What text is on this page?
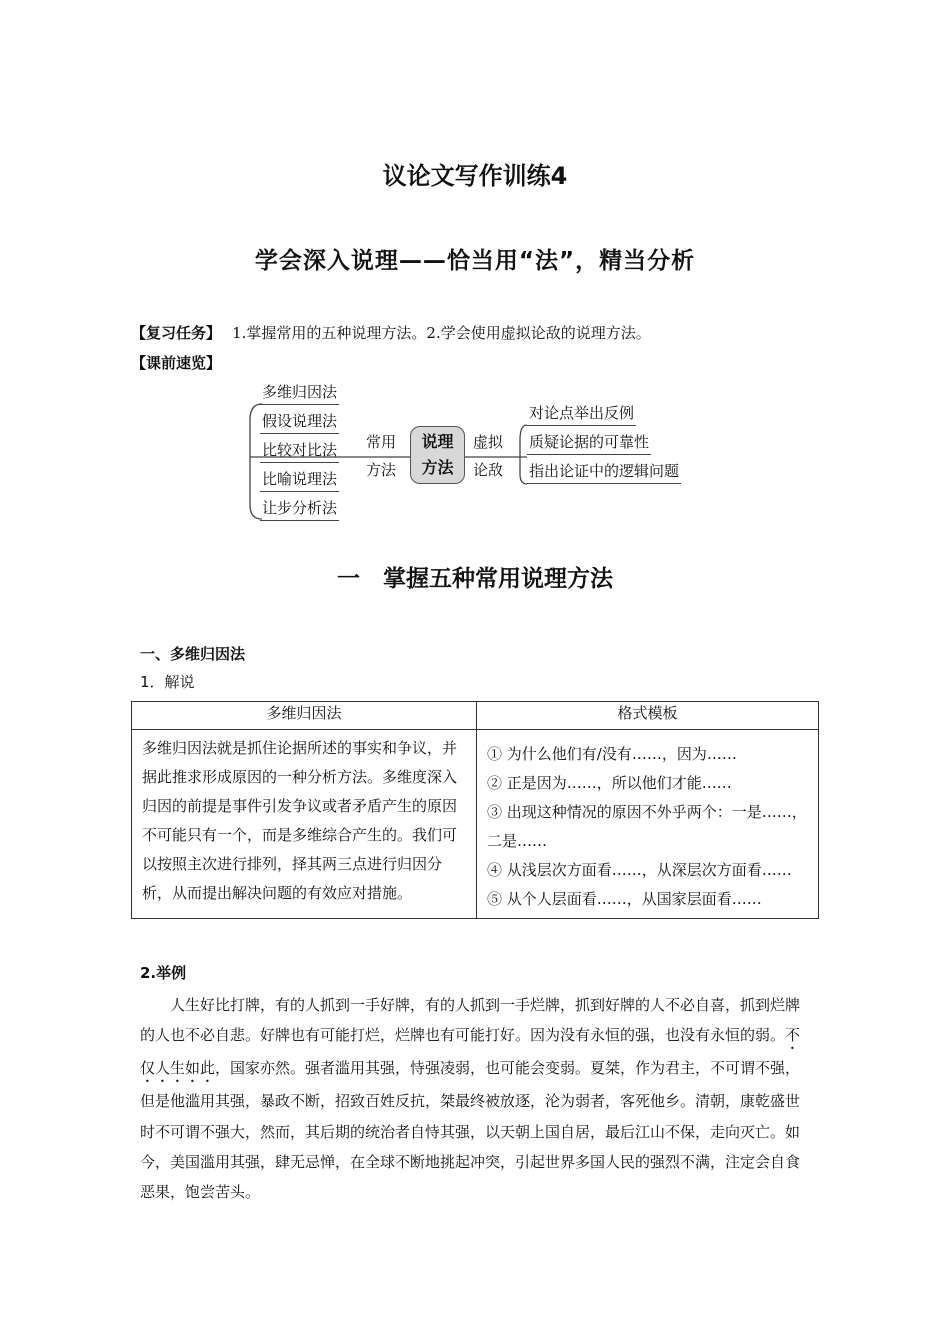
议论文写作训练4
学会深入说理——恰当用“法”，精当分析
【复习任务】 1.掌握常用的五种说理方法。2.学会使用虚拟论敌的说理方法。
【课前速览】
多维归因法
假设说理法
比较对比法
比喻说理法
让步分析法
常用
方法
说理
方法
虚拟
论敌
对论点举出反例
质疑论据的可靠性
指出论证中的逻辑问题
一　掌握五种常用说理方法
一、多维归因法
1．解说
多维归因法	格式模板
多维归因法就是抓住论据所述的事实和争议，并据此推求形成原因的一种分析方法。多维度深入归因的前提是事件引发争议或者矛盾产生的原因不可能只有一个，而是多维综合产生的。我们可以按照主次进行排列，择其两三点进行归因分析，从而提出解决问题的有效应对措施。	① 为什么他们有/没有……，因为……
② 正是因为……，所以他们才能……
③ 出现这种情况的原因不外乎两个：一是……，二是……
④ 从浅层次方面看……，从深层次方面看……
⑤ 从个人层面看……，从国家层面看……
2.举例
人生好比打牌，有的人抓到一手好牌，有的人抓到一手烂牌，抓到好牌的人不必自喜，抓到烂牌的人也不必自悲。好牌也有可能打烂，烂牌也有可能打好。因为没有永恒的强，也没有永恒的弱。不仅人生如此，国家亦然。强者滥用其强，恃强凌弱，也可能会变弱。夏桀，作为君主，不可谓不强，但是他滥用其强，暴政不断，招致百姓反抗，桀最终被放逐，沦为弱者，客死他乡。清朝，康乾盛世时不可谓不强大，然而，其后期的统治者自恃其强，以天朝上国自居，最后江山不保，走向灭亡。如今，美国滥用其强，肆无忌惮，在全球不断地挑起冲突，引起世界多国人民的强烈不满，注定会自食恶果，饱尝苦头。
